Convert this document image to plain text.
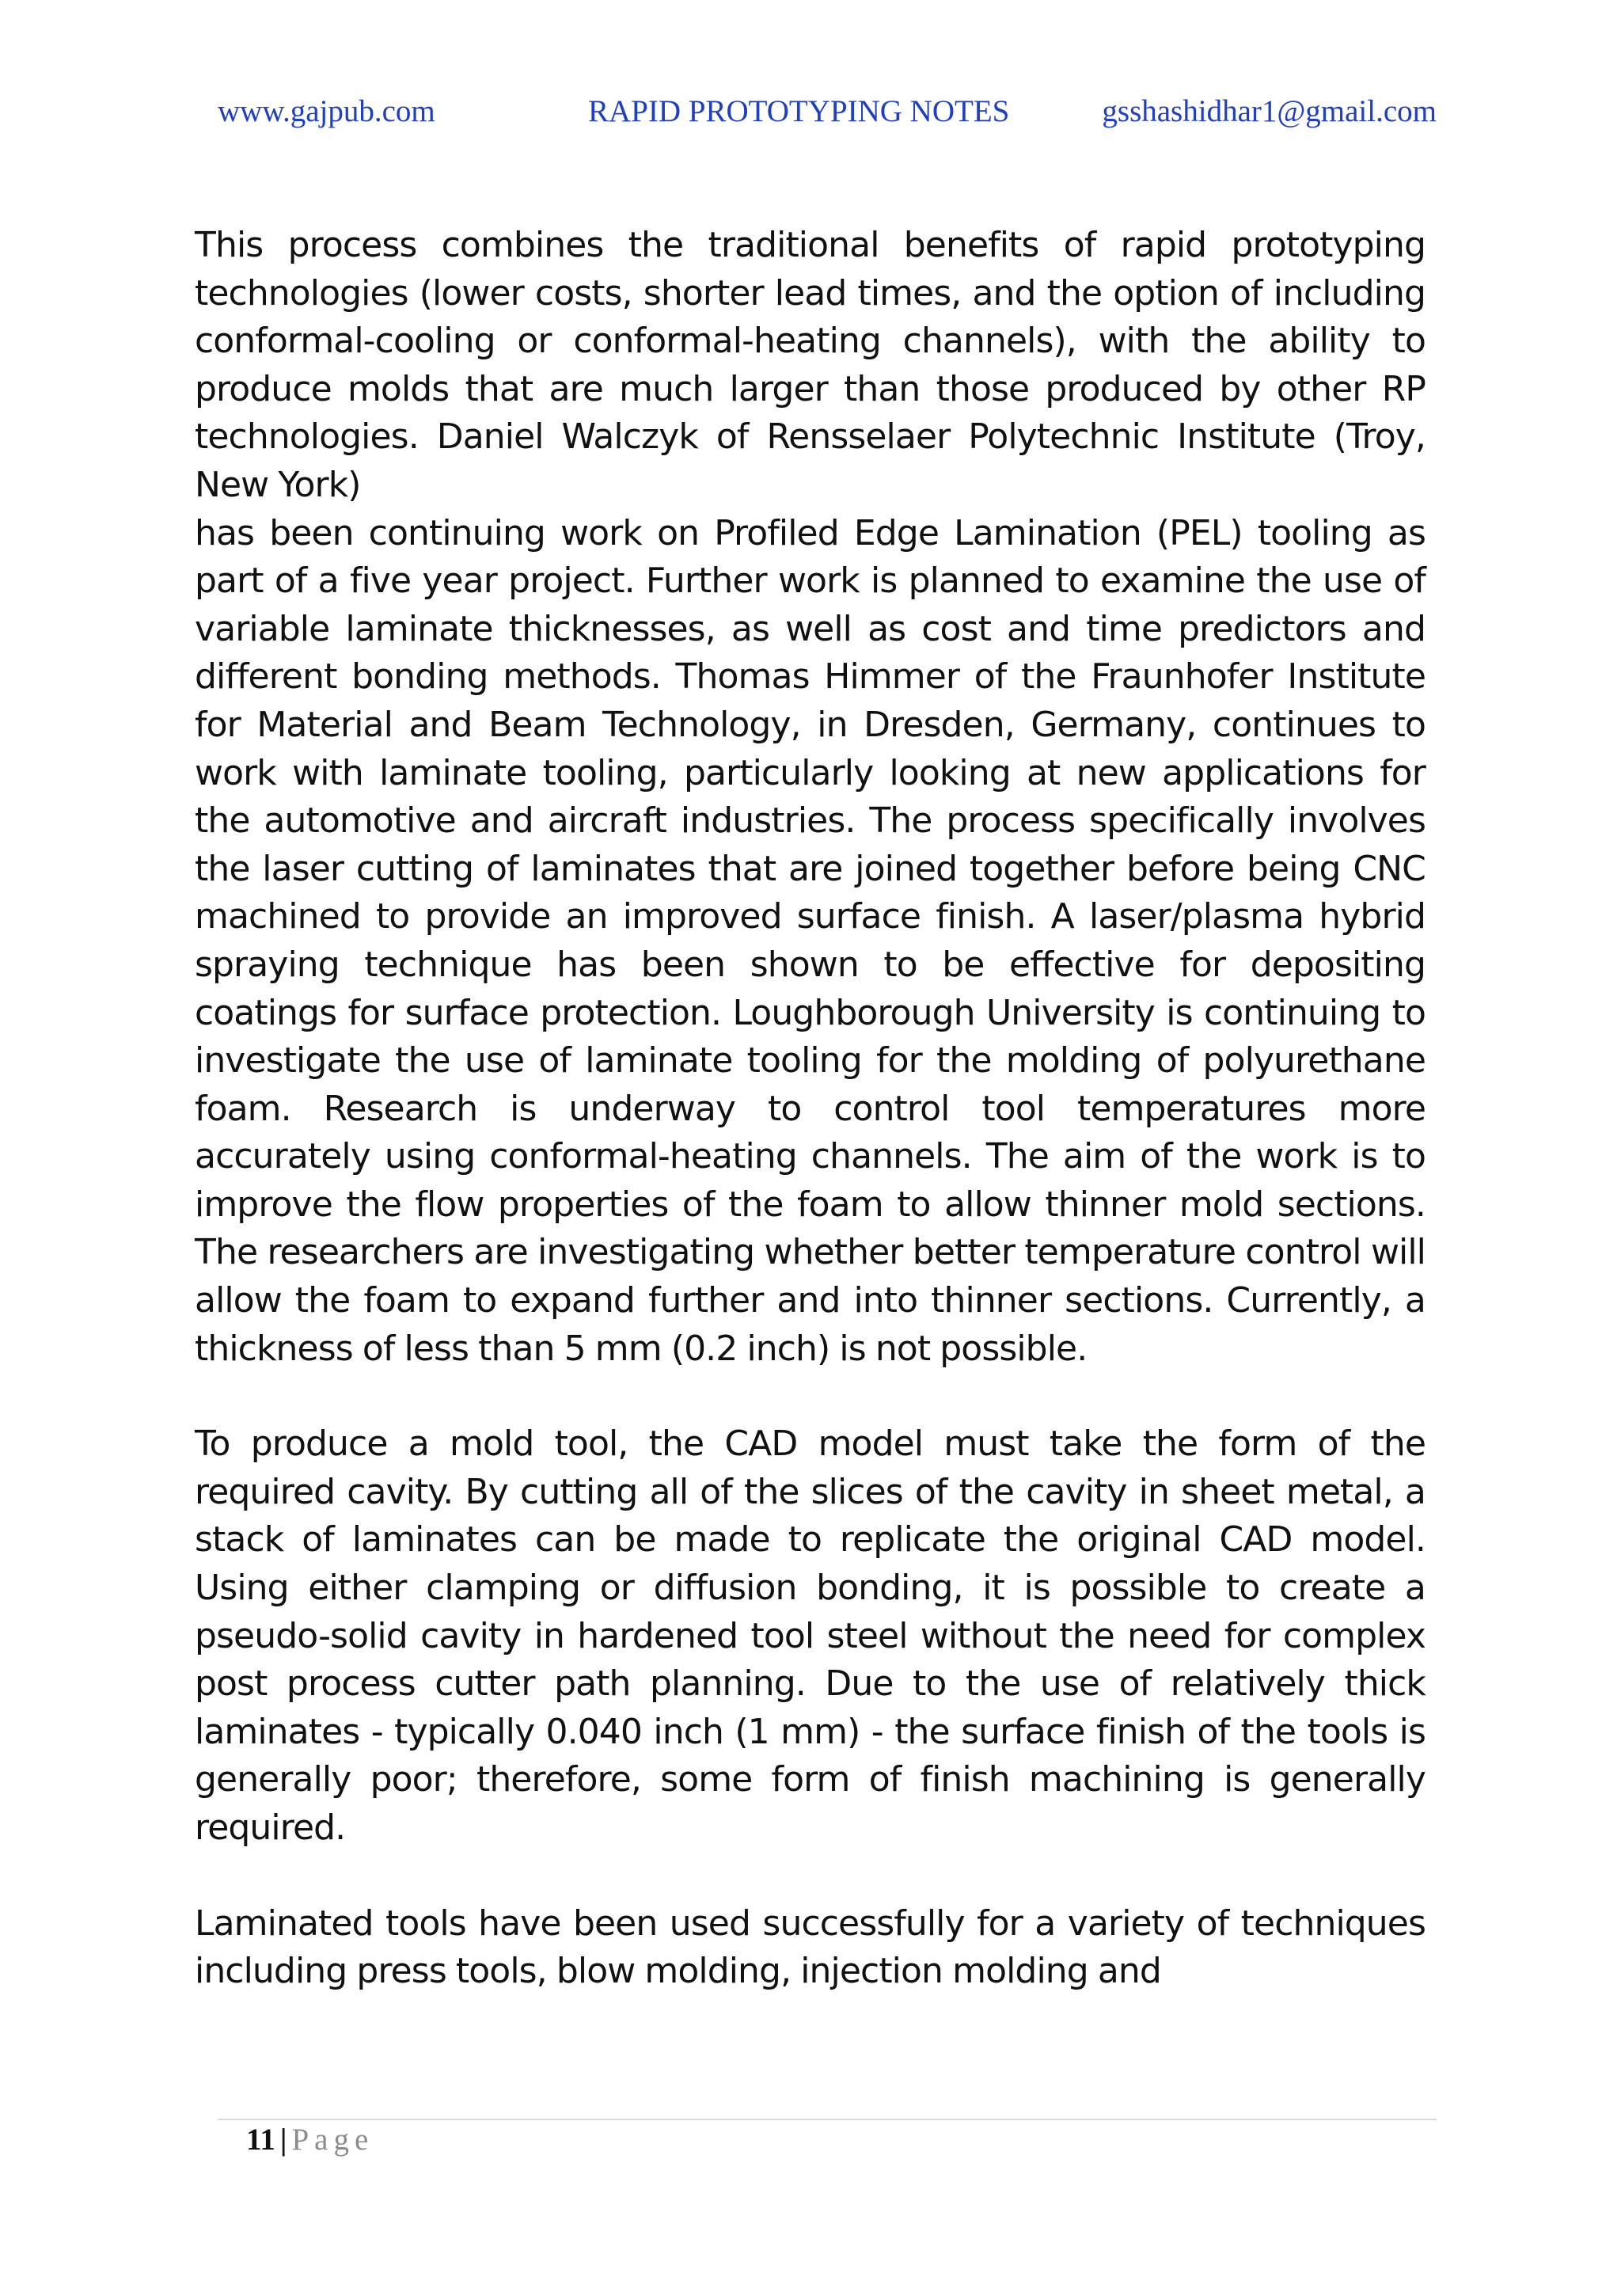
www.gajpub.com	RAPID PROTOTYPING NOTES	gsshashidhar1@gmail.com

This process combines the traditional benefits of rapid prototyping technologies (lower costs, shorter lead times, and the option of including conformal-cooling or conformal-heating channels), with the ability to produce molds that are much larger than those produced by other RP technologies. Daniel Walczyk of Rensselaer Polytechnic Institute (Troy, New York)

has been continuing work on Profiled Edge Lamination (PEL) tooling as part of a five year project. Further work is planned to examine the use of variable laminate thicknesses, as well as cost and time predictors and different bonding methods. Thomas Himmer of the Fraunhofer Institute for Material and Beam Technology, in Dresden, Germany, continues to work with laminate tooling, particularly looking at new applications for the automotive and aircraft industries. The process specifically involves the laser cutting of laminates that are joined together before being CNC machined to provide an improved surface finish. A laser/plasma hybrid spraying technique has been shown to be effective for depositing coatings for surface protection. Loughborough University is continuing to investigate the use of laminate tooling for the molding of polyurethane foam. Research is underway to control tool temperatures more accurately using conformal-heating channels. The aim of the work is to improve the flow properties of the foam to allow thinner mold sections. The researchers are investigating whether better temperature control will allow the foam to expand further and into thinner sections. Currently, a thickness of less than 5 mm (0.2 inch) is not possible.

To produce a mold tool, the CAD model must take the form of the required cavity. By cutting all of the slices of the cavity in sheet metal, a stack of laminates can be made to replicate the original CAD model. Using either clamping or diffusion bonding, it is possible to create a pseudo-solid cavity in hardened tool steel without the need for complex post process cutter path planning. Due to the use of relatively thick laminates - typically 0.040 inch (1 mm) - the surface finish of the tools is generally poor; therefore, some form of finish machining is generally required.

Laminated tools have been used successfully for a variety of techniques including press tools, blow molding, injection molding and

11 | Page
